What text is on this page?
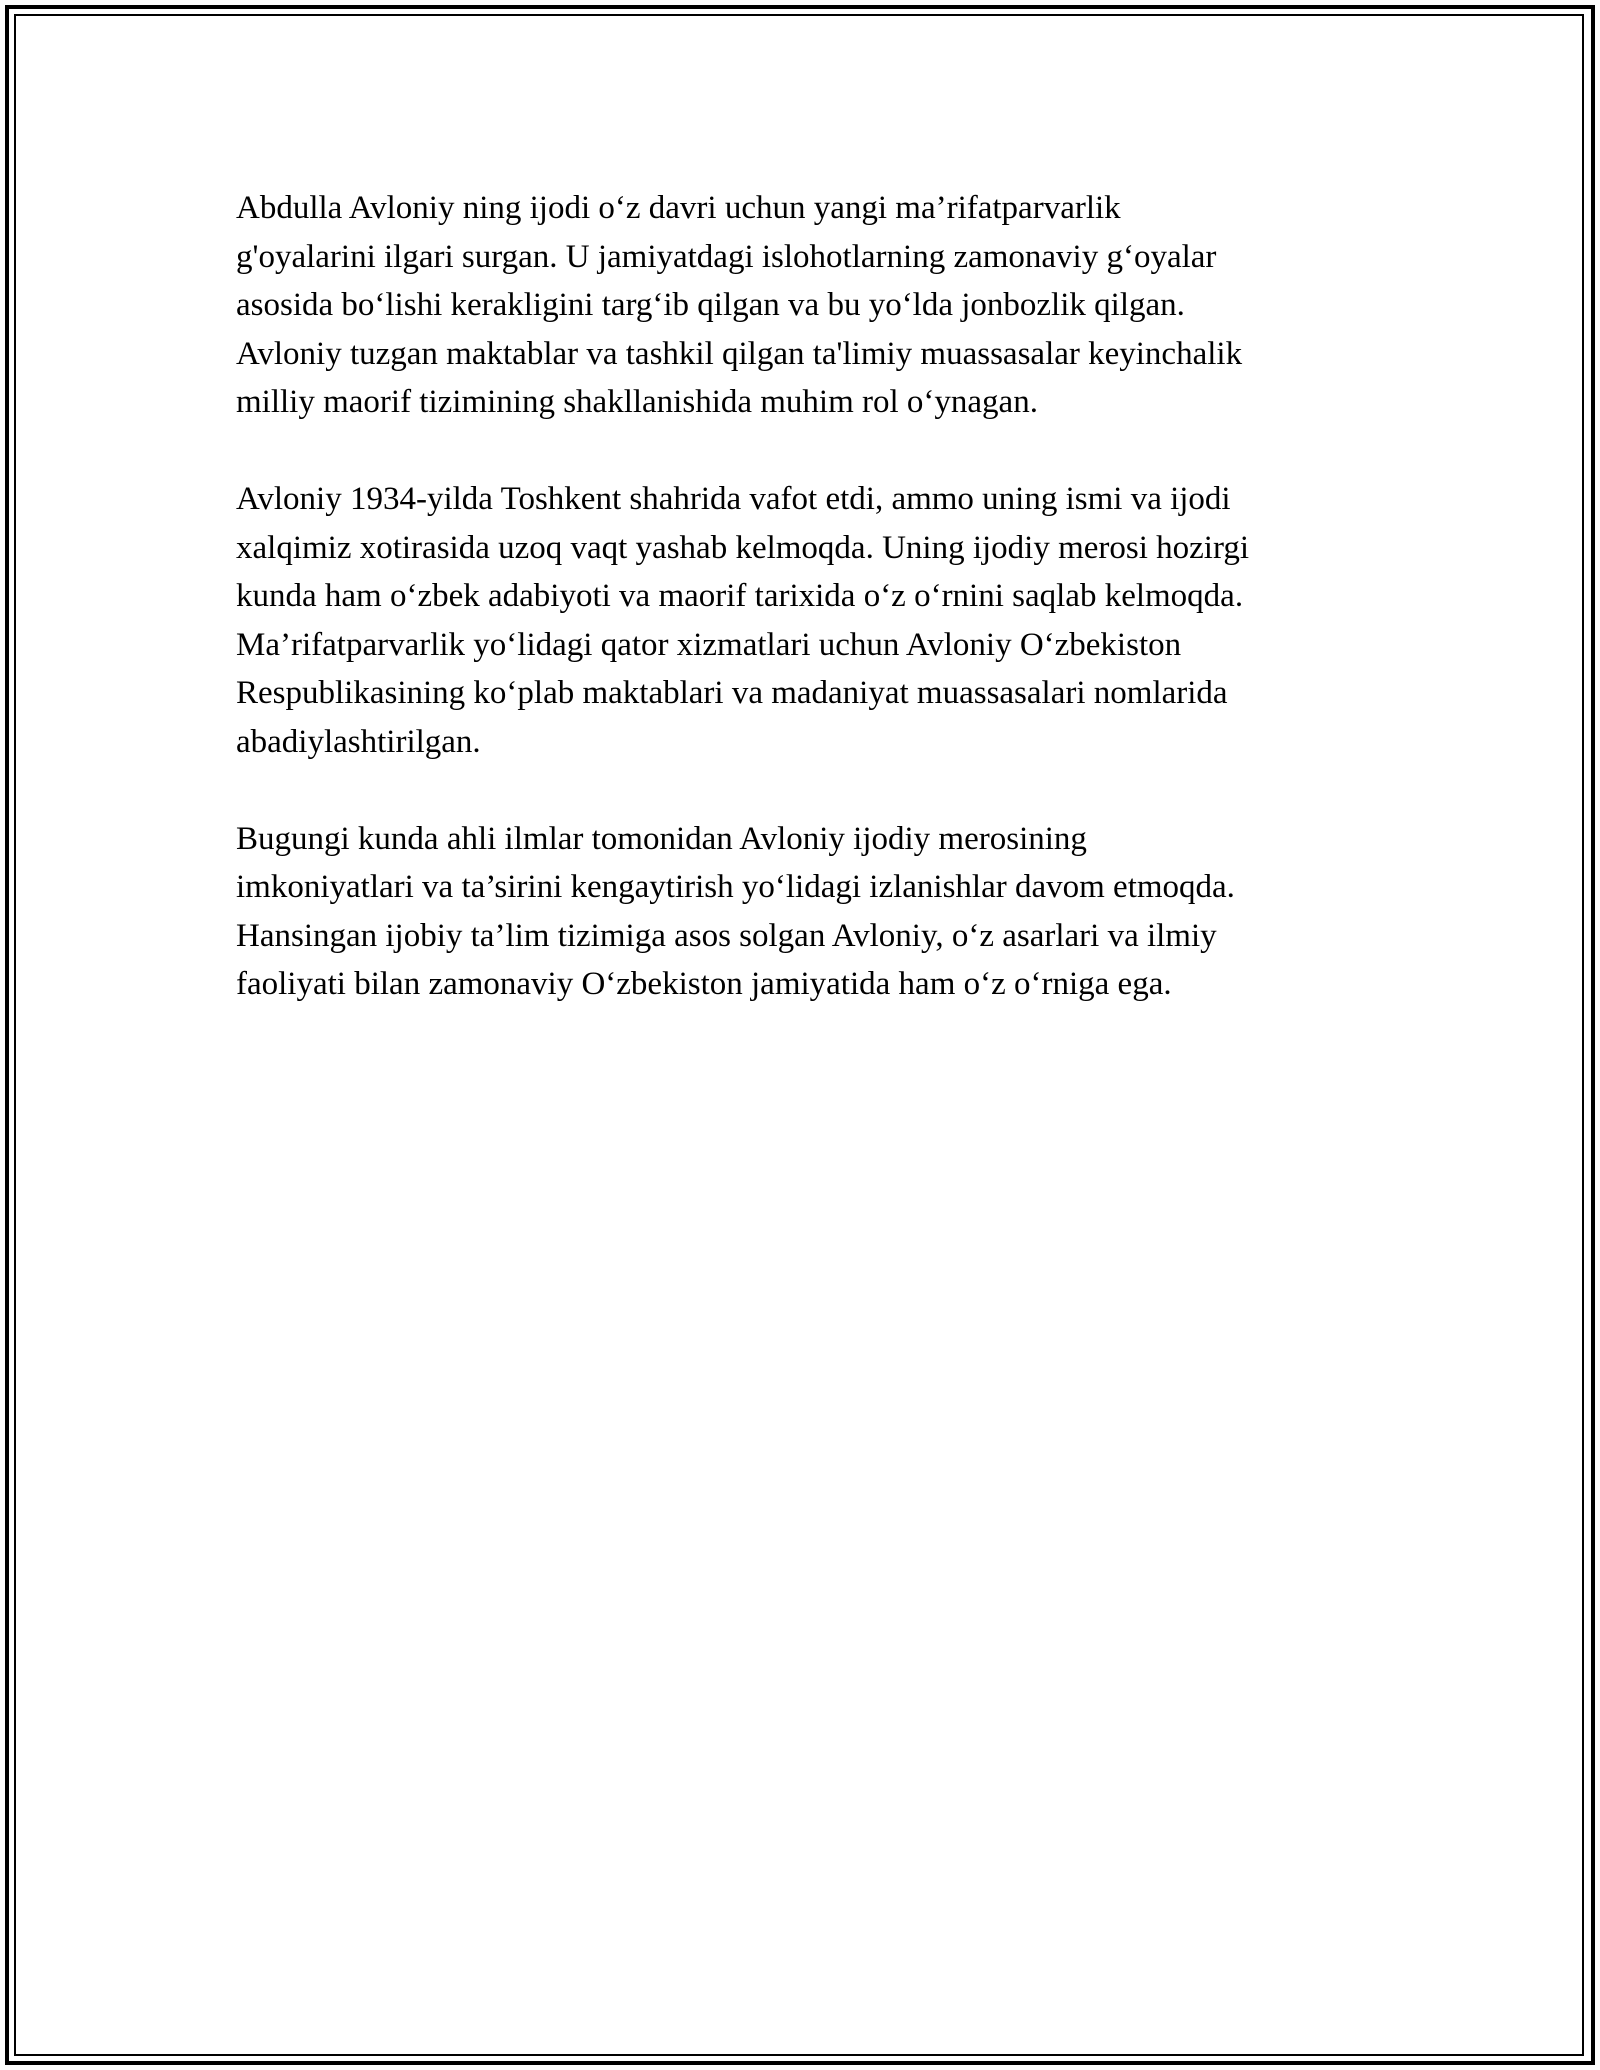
Abdulla Avloniy ning ijodi o‘z davri uchun yangi ma’rifatparvarlik
g'oyalarini ilgari surgan. U jamiyatdagi islohotlarning zamonaviy g‘oyalar
asosida bo‘lishi kerakligini targ‘ib qilgan va bu yo‘lda jonbozlik qilgan.
Avloniy tuzgan maktablar va tashkil qilgan ta'limiy muassasalar keyinchalik
milliy maorif tizimining shakllanishida muhim rol o‘ynagan.

Avloniy 1934-yilda Toshkent shahrida vafot etdi, ammo uning ismi va ijodi
xalqimiz xotirasida uzoq vaqt yashab kelmoqda. Uning ijodiy merosi hozirgi
kunda ham o‘zbek adabiyoti va maorif tarixida o‘z o‘rnini saqlab kelmoqda.
Ma’rifatparvarlik yo‘lidagi qator xizmatlari uchun Avloniy O‘zbekiston
Respublikasining ko‘plab maktablari va madaniyat muassasalari nomlarida
abadiylashtirilgan.

Bugungi kunda ahli ilmlar tomonidan Avloniy ijodiy merosining
imkoniyatlari va ta’sirini kengaytirish yo‘lidagi izlanishlar davom etmoqda.
Hansingan ijobiy ta’lim tizimiga asos solgan Avloniy, o‘z asarlari va ilmiy
faoliyati bilan zamonaviy O‘zbekiston jamiyatida ham o‘z o‘rniga ega.
